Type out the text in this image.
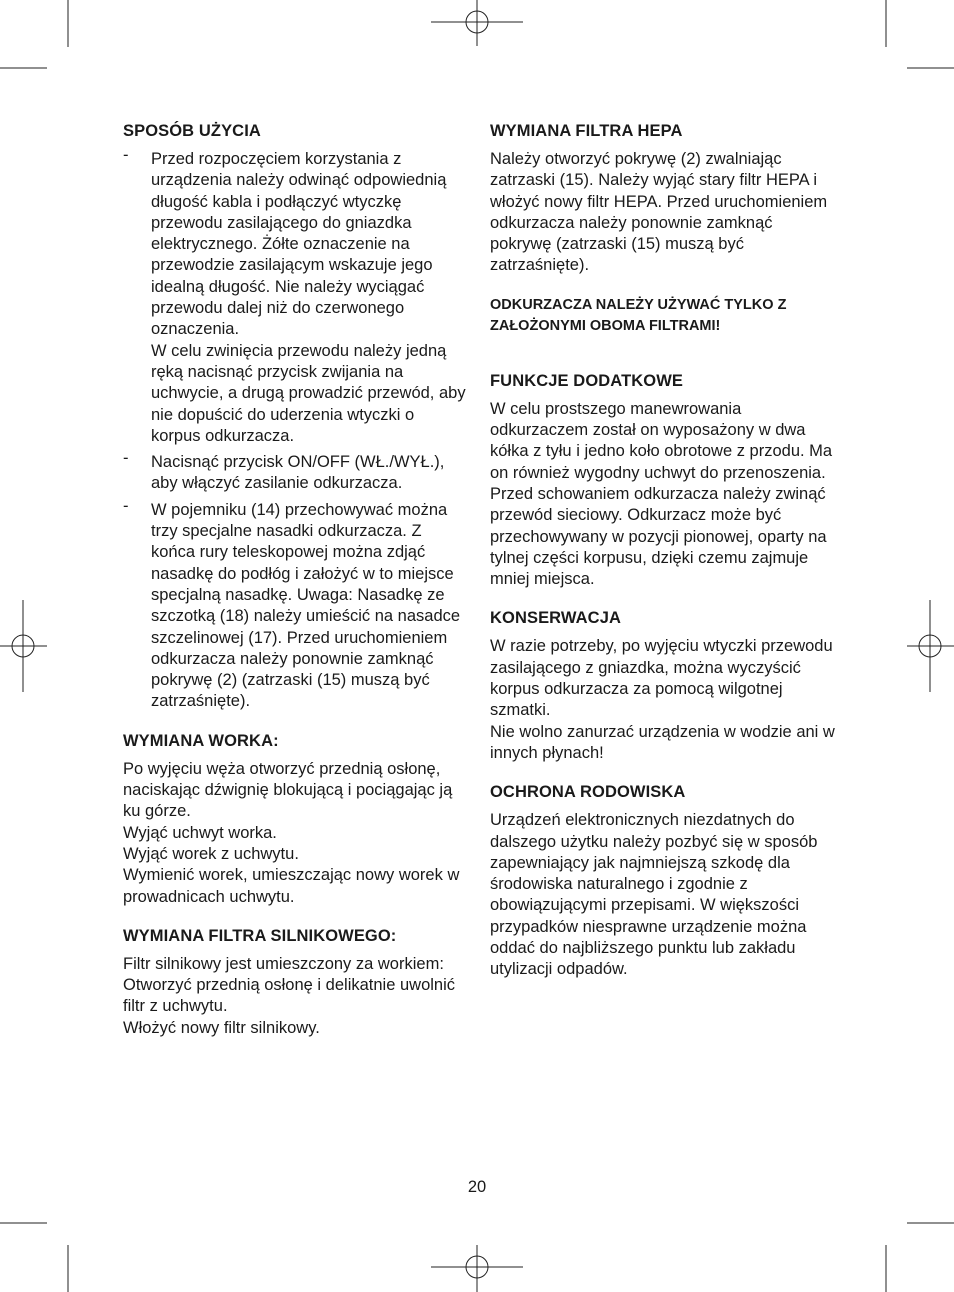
SPOSÓB UŻYCIA
- Przed rozpoczęciem korzystania z urządzenia należy odwinąć odpowiednią długość kabla i podłączyć wtyczkę przewodu zasilającego do gniazdka elektrycznego. Żółte oznaczenie na przewodzie zasilającym wskazuje jego idealną długość. Nie należy wyciągać przewodu dalej niż do czerwonego oznaczenia.

W celu zwinięcia przewodu należy jedną ręką nacisnąć przycisk zwijania na uchwycie, a drugą prowadzić przewód, aby nie dopuścić do uderzenia wtyczki o korpus odkurzacza.

- Nacisnąć przycisk ON/OFF (WŁ./WYŁ.), aby włączyć zasilanie odkurzacza.

- W pojemniku (14) przechowywać można trzy specjalne nasadki odkurzacza. Z końca rury teleskopowej można zdjąć nasadkę do podłóg i założyć w to miejsce specjalną nasadkę. Uwaga: Nasadkę ze szczotką (18) należy umieścić na nasadce szczelinowej (17). Przed uruchomieniem odkurzacza należy ponownie zamknąć pokrywę (2) (zatrzaski (15) muszą być zatrzaśnięte).

WYMIANA WORKA:

Po wyjęciu węża otworzyć przednią osłonę, naciskając dźwignię blokującą i pociągając ją ku górze.

Wyjąć uchwyt worka.

Wyjąć worek z uchwytu.

Wymienić worek, umieszczając nowy worek w prowadnicach uchwytu.

WYMIANA FILTRA SILNIKOWEGO:

Filtr silnikowy jest umieszczony za workiem:

Otworzyć przednią osłonę i delikatnie uwolnić filtr z uchwytu.

Włożyć nowy filtr silnikowy.

WYMIANA FILTRA HEPA

Należy otworzyć pokrywę (2) zwalniając zatrzaski (15). Należy wyjąć stary filtr HEPA i włożyć nowy filtr HEPA. Przed uruchomieniem odkurzacza należy ponownie zamknąć pokrywę (zatrzaski (15) muszą być zatrzaśnięte).

ODKURZACZA NALEŻY UŻYWAĆ TYLKO Z ZAŁOŻONYMI OBOMA FILTRAMI!

FUNKCJE DODATKOWE

W celu prostszego manewrowania odkurzaczem został on wyposażony w dwa kółka z tyłu i jedno koło obrotowe z przodu. Ma on również wygodny uchwyt do przenoszenia.

Przed schowaniem odkurzacza należy zwinąć przewód sieciowy. Odkurzacz może być przechowywany w pozycji pionowej, oparty na tylnej części korpusu, dzięki czemu zajmuje mniej miejsca.

KONSERWACJA

W razie potrzeby, po wyjęciu wtyczki przewodu zasilającego z gniazdka, można wyczyścić korpus odkurzacza za pomocą wilgotnej szmatki.

Nie wolno zanurzać urządzenia w wodzie ani w innych płynach!

OCHRONA RODOWISKA

Urządzeń elektronicznych niezdatnych do dalszego użytku należy pozbyć się w sposób zapewniający jak najmniejszą szkodę dla środowiska naturalnego i zgodnie z obowiązującymi przepisami. W większości przypadków niesprawne urządzenie można oddać do najbliższego punktu lub zakładu utylizacji odpadów.

20
